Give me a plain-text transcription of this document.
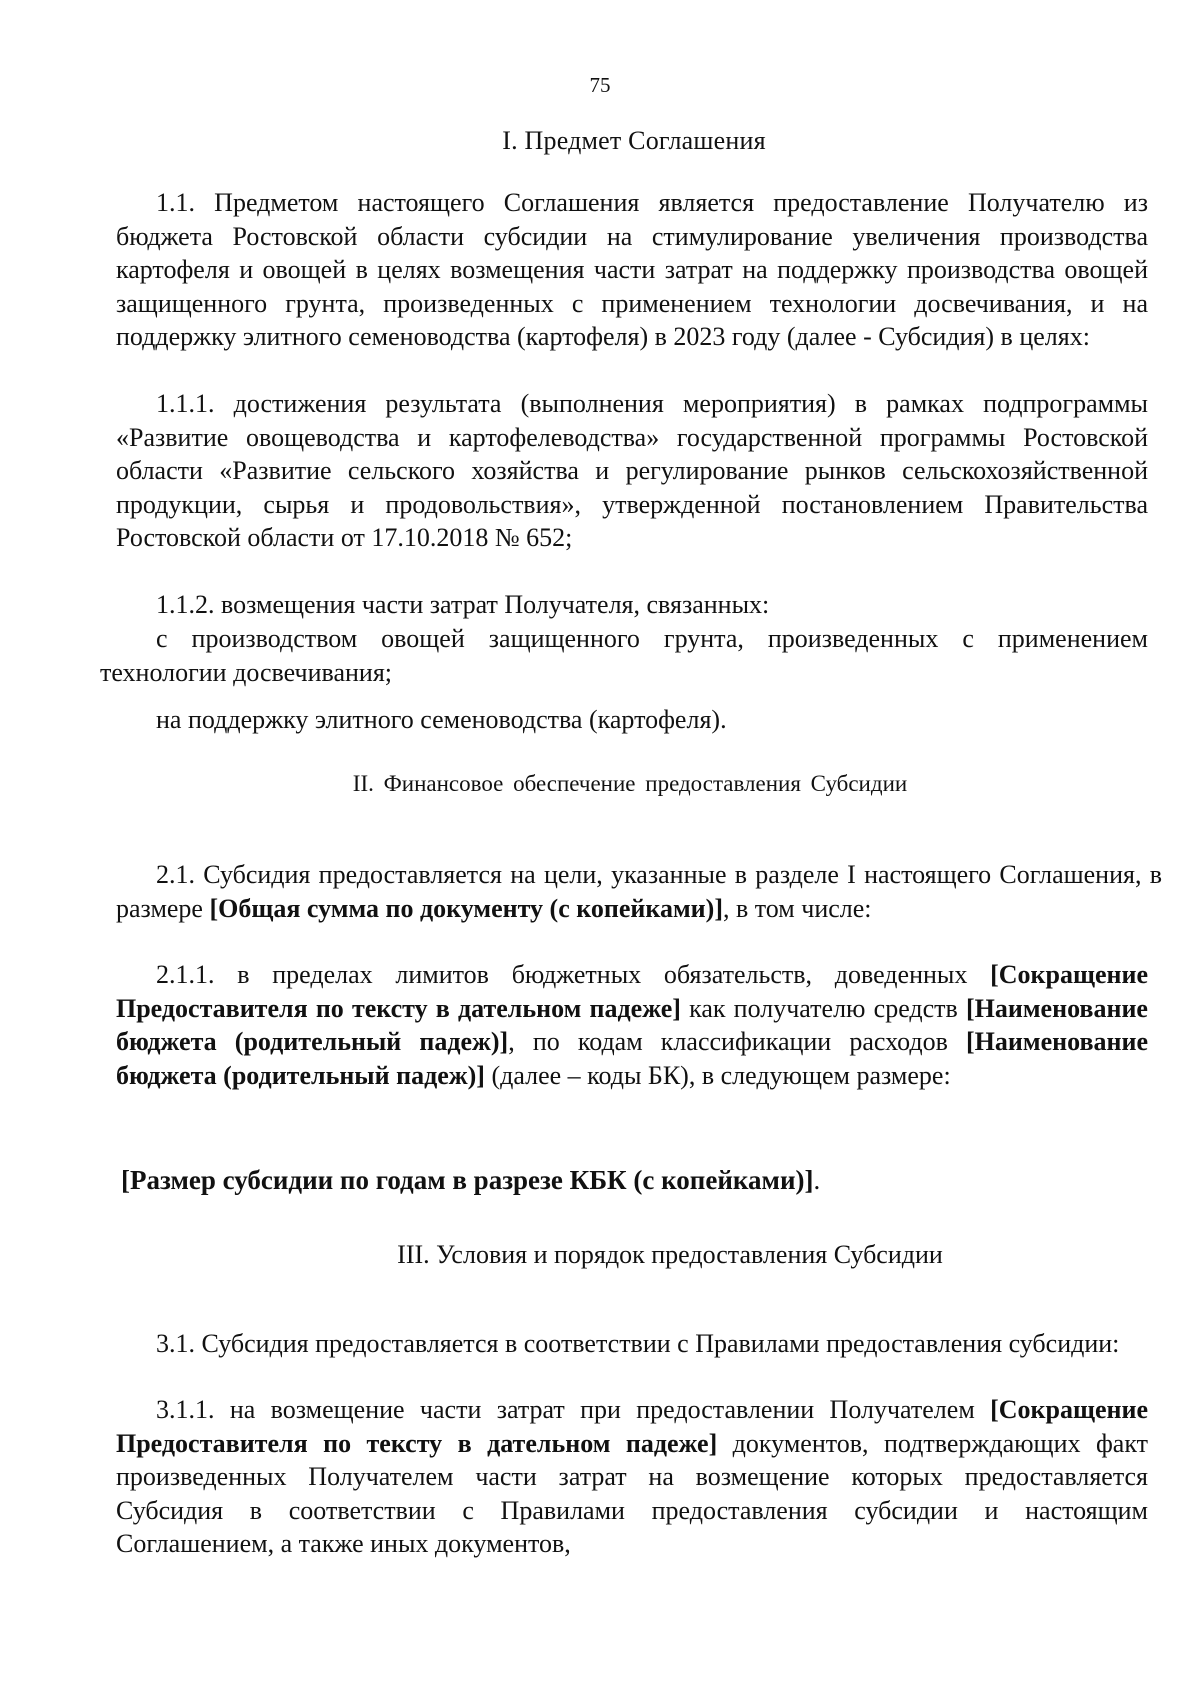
75
I. Предмет Соглашения

1.1. Предметом настоящего Соглашения является предоставление Получателю из бюджета Ростовской области субсидии на стимулирование увеличения производства картофеля и овощей в целях возмещения части затрат на поддержку производства овощей защищенного грунта, произведенных с применением технологии досвечивания, и на поддержку элитного семеноводства (картофеля) в 2023 году (далее - Субсидия) в целях:

1.1.1. достижения результата (выполнения мероприятия) в рамках подпрограммы «Развитие овощеводства и картофелеводства» государственной программы Ростовской области «Развитие сельского хозяйства и регулирование рынков сельскохозяйственной продукции, сырья и продовольствия», утвержденной постановлением Правительства Ростовской области от 17.10.2018 № 652;

1.1.2. возмещения части затрат Получателя, связанных:

с производством овощей защищенного грунта, произведенных с применением технологии досвечивания;

на поддержку элитного семеноводства (картофеля).

II. Финансовое обеспечение предоставления Субсидии

2.1. Субсидия предоставляется на цели, указанные в разделе I настоящего Соглашения, в размере [Общая сумма по документу (с копейками)], в том числе:

2.1.1. в пределах лимитов бюджетных обязательств, доведенных [Сокращение Предоставителя по тексту в дательном падеже] как получателю средств [Наименование бюджета (родительный падеж)], по кодам классификации расходов [Наименование бюджета (родительный падеж)] (далее – коды БК), в следующем размере:

[Размер субсидии по годам в разрезе КБК (с копейками)].
III. Условия и порядок предоставления Субсидии

3.1. Субсидия предоставляется в соответствии с Правилами предоставления субсидии:

3.1.1. на возмещение части затрат при предоставлении Получателем [Сокращение Предоставителя по тексту в дательном падеже] документов, подтверждающих факт произведенных Получателем части затрат на возмещение которых предоставляется Субсидия в соответствии с Правилами предоставления субсидии и настоящим Соглашением, а также иных документов,
